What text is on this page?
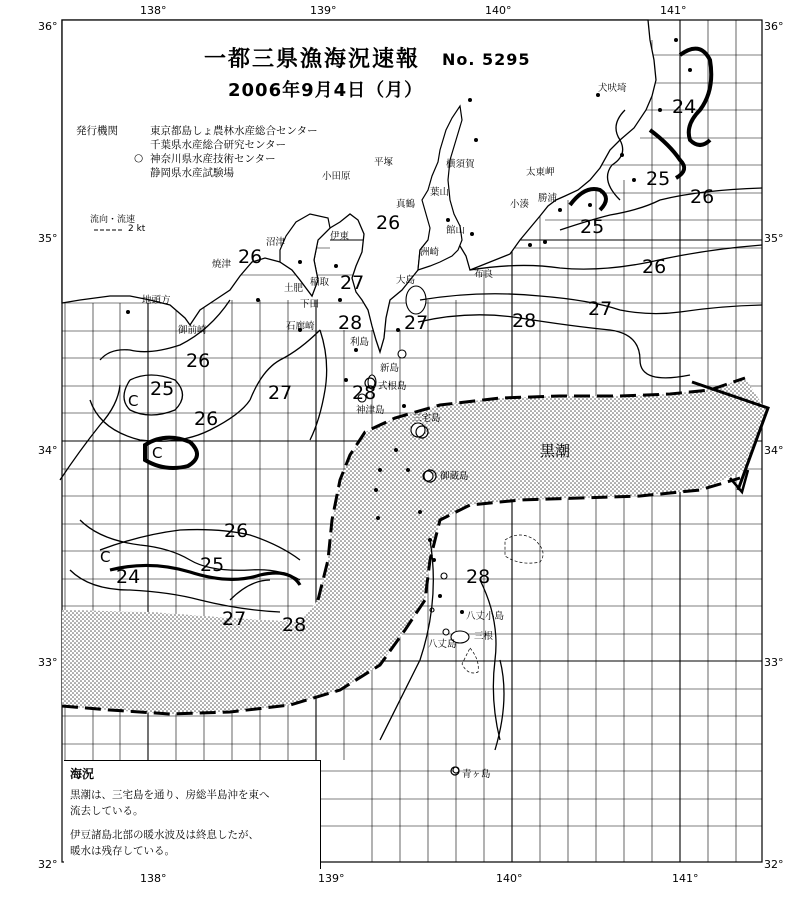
138°	139°	140°	141°
138°	139°	140°	141°
36°
35°
34°
33°
32°
36°
35°
34°
33°
32°
一都三県漁海況速報 No. 5295
2006年9月4日（月）
発行機関	東京都島しょ農林水産総合センター
千葉県水産総合研究センター
○ 神奈川県水産技術センター
静岡県水産試験場
流向・流速
2 kt
24
25
26
25
26
27
28
26
27
28 27
28
26
26
27
25
26
26
25
24
27 28
28
C
C
C
黒潮
犬吠埼
太東岬
勝浦
小湊
布良
館山
洲崎
横須賀
葉山
平塚
小田原
真鶴
伊東
稲取
下田
石廊崎
沼津
土肥
焼津
地頭方
御前崎
大島
利島
新島
式根島
神津島
三宅島
御蔵島
八丈島
八丈小島
三根
青ヶ島
海況
黒潮は、三宅島を通り、房総半島沖を東へ
流去している。
伊豆諸島北部の暖水波及は終息したが、
暖水は残存している。
